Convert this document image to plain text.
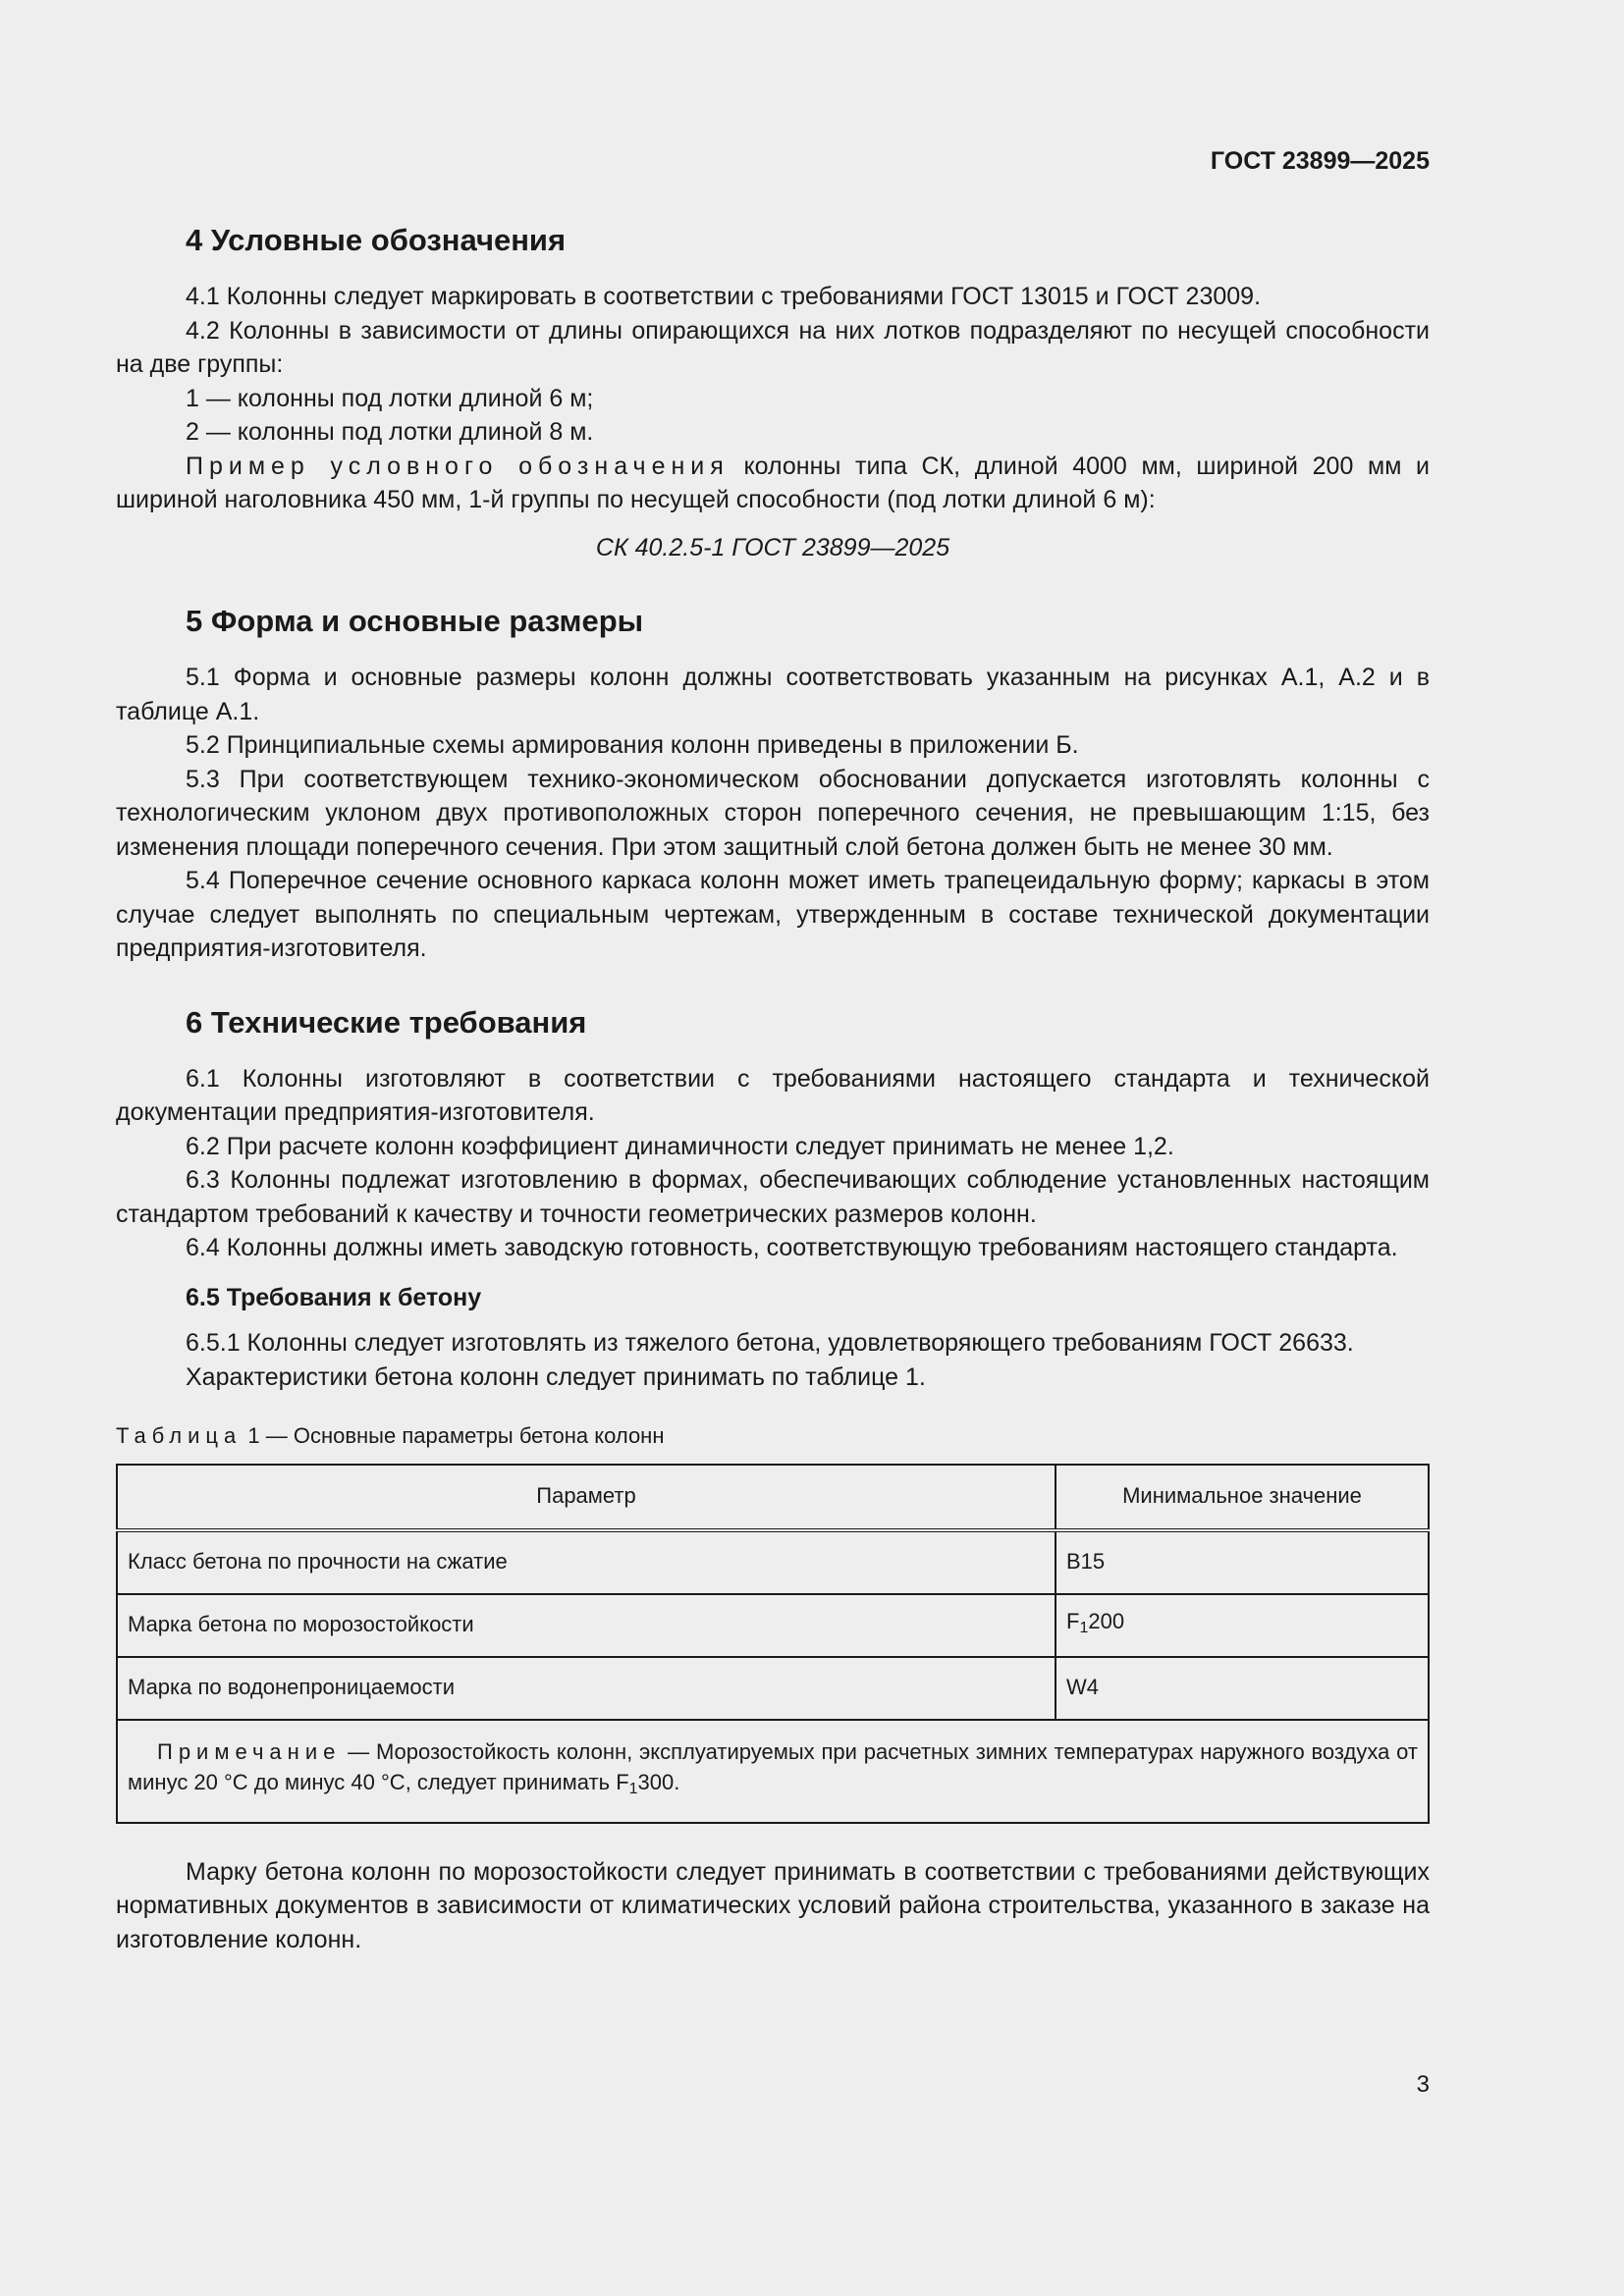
ГОСТ 23899—2025
4 Условные обозначения

4.1 Колонны следует маркировать в соответствии с требованиями ГОСТ 13015 и ГОСТ 23009.

4.2 Колонны в зависимости от длины опирающихся на них лотков подразделяют по несущей способности на две группы:

1 — колонны под лотки длиной 6 м;

2 — колонны под лотки длиной 8 м.

Пример условного обозначения колонны типа СК, длиной 4000 мм, шириной 200 мм и шириной наголовника 450 мм, 1-й группы по несущей способности (под лотки длиной 6 м):

СК 40.2.5-1 ГОСТ 23899—2025

5 Форма и основные размеры

5.1 Форма и основные размеры колонн должны соответствовать указанным на рисунках А.1, А.2 и в таблице А.1.

5.2 Принципиальные схемы армирования колонн приведены в приложении Б.

5.3 При соответствующем технико-экономическом обосновании допускается изготовлять колонны с технологическим уклоном двух противоположных сторон поперечного сечения, не превышающим 1:15, без изменения площади поперечного сечения. При этом защитный слой бетона должен быть не менее 30 мм.

5.4 Поперечное сечение основного каркаса колонн может иметь трапецеидальную форму; каркасы в этом случае следует выполнять по специальным чертежам, утвержденным в составе технической документации предприятия-изготовителя.

6 Технические требования

6.1 Колонны изготовляют в соответствии с требованиями настоящего стандарта и технической документации предприятия-изготовителя.

6.2 При расчете колонн коэффициент динамичности следует принимать не менее 1,2.

6.3 Колонны подлежат изготовлению в формах, обеспечивающих соблюдение установленных настоящим стандартом требований к качеству и точности геометрических размеров колонн.

6.4 Колонны должны иметь заводскую готовность, соответствующую требованиям настоящего стандарта.

6.5 Требования к бетону

6.5.1 Колонны следует изготовлять из тяжелого бетона, удовлетворяющего требованиям ГОСТ 26633.

Характеристики бетона колонн следует принимать по таблице 1.

Таблица 1 — Основные параметры бетона колонн

Параметр	Минимальное значение
Класс бетона по прочности на сжатие	B15
Марка бетона по морозостойкости	$F_1200$
Марка по водонепроницаемости	W4
Примечание — Морозостойкость колонн, эксплуатируемых при расчетных зимних температурах наружного воздуха от минус 20 °С до минус 40 °С, следует принимать $F_1300$.	

Марку бетона колонн по морозостойкости следует принимать в соответствии с требованиями действующих нормативных документов в зависимости от климатических условий района строительства, указанного в заказе на изготовление колонн.

3
